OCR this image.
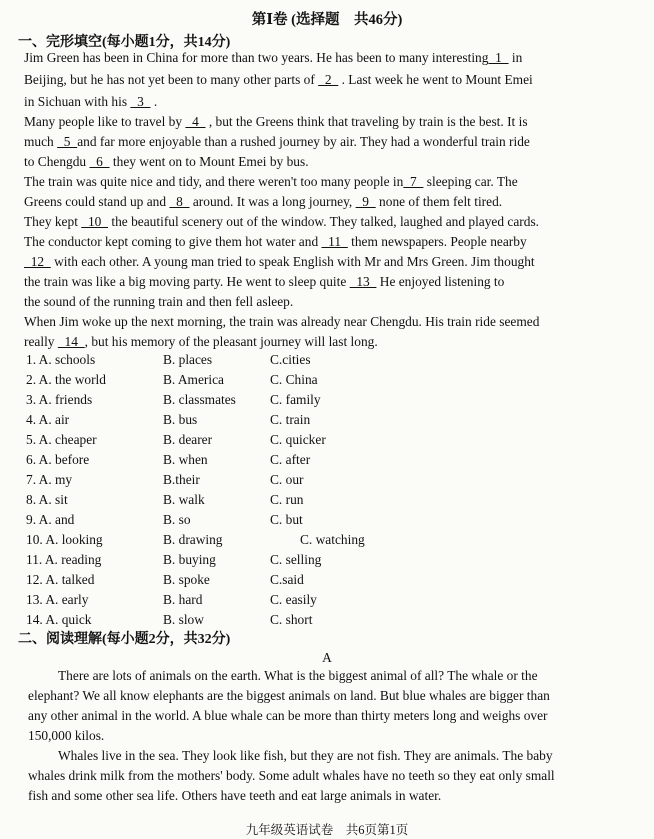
第Ⅰ卷 (选择题　共46分)
一、完形填空(每小题1分，共14分)
Jim Green has been in China for more than two years. He has been to many interesting  1   in
Beijing, but he has not yet been to many other parts of   2   . Last week he went to Mount Emei
in Sichuan with his   3   .
Many people like to travel by   4   , but the Greens think that traveling by train is the best. It is
much   5  and far more enjoyable than a rushed journey by air. They had a wonderful train ride
to Chengdu   6   they went on to Mount Emei by bus.
The train was quite nice and tidy, and there weren't too many people in  7   sleeping car. The
Greens could stand up and   8   around. It was a long journey,   9   none of them felt tired.
They kept   10   the beautiful scenery out of the window. They talked, laughed and played cards.
The conductor kept coming to give them hot water and   11   them newspapers. People nearby
12   with each other. A young man tried to speak English with Mr and Mrs Green. Jim thought
the train was like a big moving party. He went to sleep quite   13   He enjoyed listening to
the sound of the running train and then fell asleep.
When Jim woke up the next morning, the train was already near Chengdu. His train ride seemed
really   14  , but his memory of the pleasant journey will last long.
1. A. schools	B. places	C.cities
2. A. the world	B. America	C. China
3. A. friends	B. classmates	C. family
4. A. air	B. bus	C. train
5. A. cheaper	B. dearer	C. quicker
6. A. before	B. when	C. after
7. A. my	B.their	C. our
8. A. sit	B. walk	C. run
9. A. and	B. so	C. but
10. A. looking	B. drawing	C. watching
11. A. reading	B. buying	C. selling
12. A. talked	B. spoke	C.said
13. A. early	B. hard	C. easily
14. A. quick	B. slow	C. short
二、阅读理解(每小题2分，共32分)
A
There are lots of animals on the earth. What is the biggest animal of all? The whale or the
elephant? We all know elephants are the biggest animals on land. But blue whales are bigger than
any other animal in the world. A blue whale can be more than thirty meters long and weighs over
150,000 kilos.
Whales live in the sea. They look like fish, but they are not fish. They are animals. The baby
whales drink milk from the mothers' body. Some adult whales have no teeth so they eat only small
fish and some other sea life. Others have teeth and eat large animals in water.
九年级英语试卷　共6页第1页
